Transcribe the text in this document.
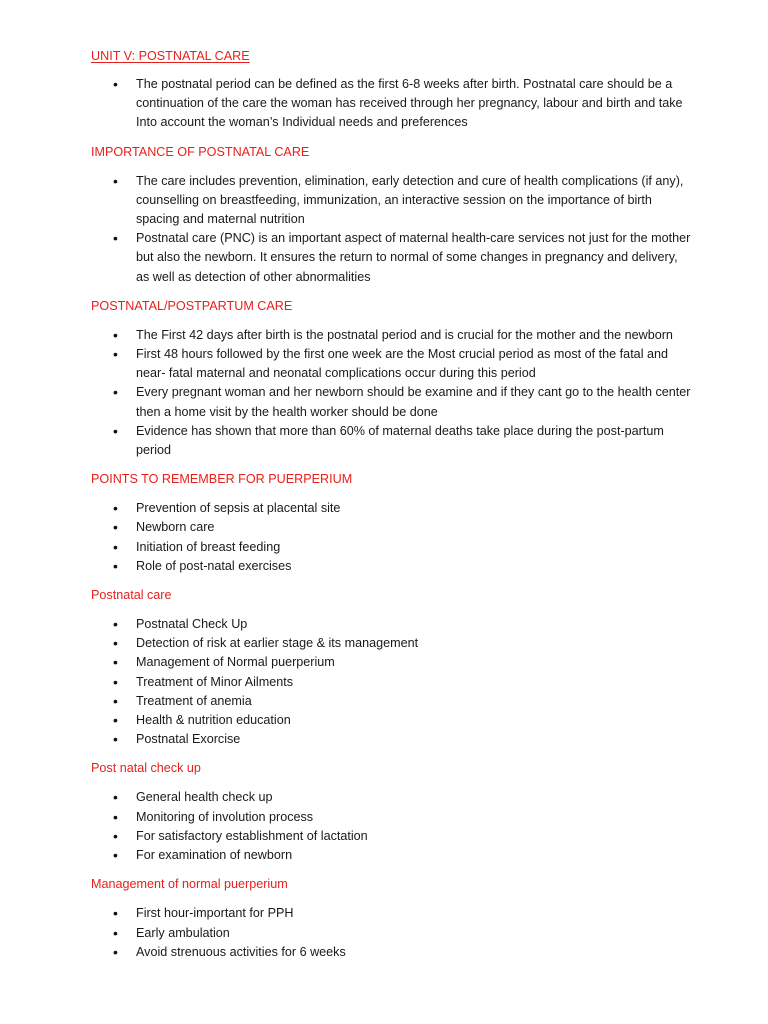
UNIT V: POSTNATAL CARE
• The postnatal period can be defined as the first 6-8 weeks after birth. Postnatal care should be a continuation of the care the woman has received through her pregnancy, labour and birth and take Into account the woman’s Individual needs and preferences
IMPORTANCE OF POSTNATAL CARE
• The care includes prevention, elimination, early detection and cure of health complications (if any), counselling on breastfeeding, immunization, an interactive session on the importance of birth spacing and maternal nutrition
• Postnatal care (PNC) is an important aspect of maternal health-care services not just for the mother but also the newborn. It ensures the return to normal of some changes in pregnancy and delivery, as well as detection of other abnormalities
POSTNATAL/POSTPARTUM CARE
• The First 42 days after birth is the postnatal period and is crucial for the mother and the newborn
• First 48 hours followed by the first one week are the Most crucial period as most of the fatal and near- fatal maternal and neonatal complications occur during this period
• Every pregnant woman and her newborn should be examine and if they cant go to the health center then a home visit by the health worker should be done
• Evidence has shown that more than 60% of maternal deaths take place during the post-partum period
POINTS TO REMEMBER FOR PUERPERIUM
• Prevention of sepsis at placental site
• Newborn care
• Initiation of breast feeding
• Role of post-natal exercises
Postnatal care
• Postnatal Check Up
• Detection of risk at earlier stage & its management
• Management of Normal puerperium
• Treatment of Minor Ailments
• Treatment of anemia
• Health & nutrition education
• Postnatal Exorcise
Post natal check up
• General health check up
• Monitoring of involution process
• For satisfactory establishment of lactation
• For examination of newborn
Management of normal puerperium
• First hour-important for PPH
• Early ambulation
• Avoid strenuous activities for 6 weeks
